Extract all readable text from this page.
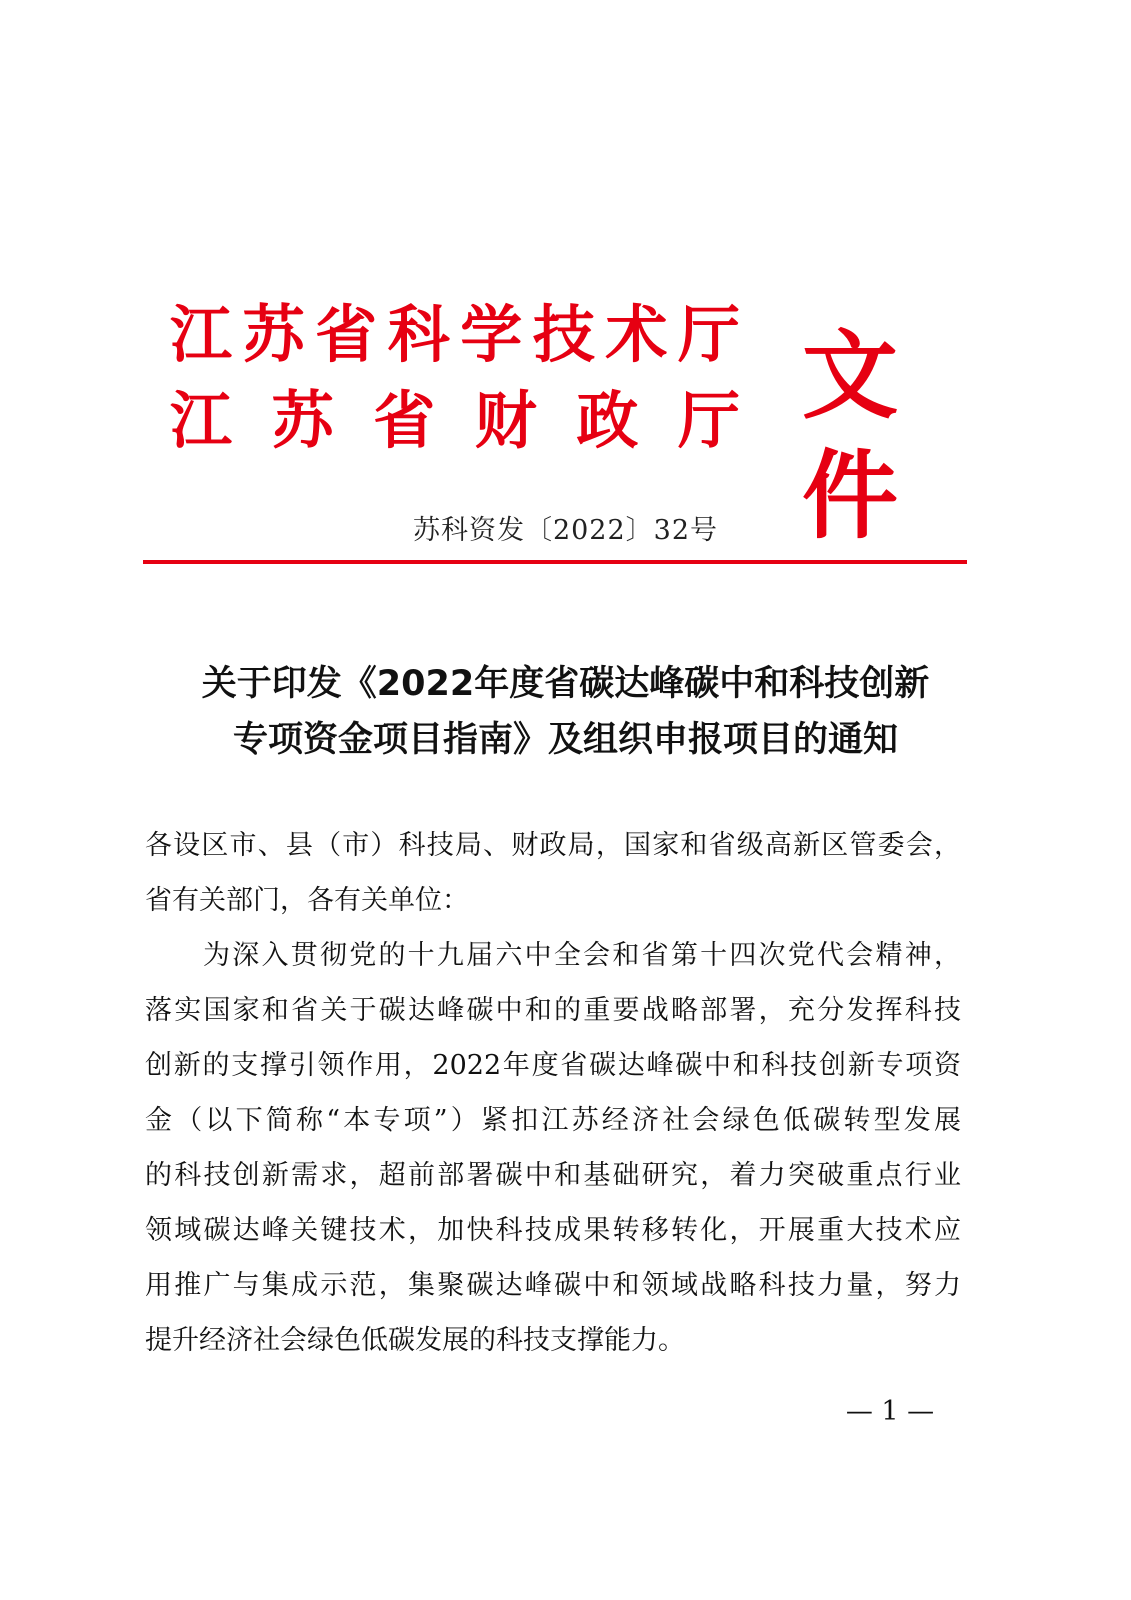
江 苏 省 科 学 技 术 厅
江 苏 省 财 政 厅 文件
苏科资发〔2022〕32号
关于印发《2022年度省碳达峰碳中和科技创新
专项资金项目指南》及组织申报项目的通知
各设区市、县（市）科技局、财政局，国家和省级高新区管委会，
省有关部门，各有关单位：
为深入贯彻党的十九届六中全会和省第十四次党代会精神，
落实国家和省关于碳达峰碳中和的重要战略部署，充分发挥科技
创新的支撑引领作用，2022年度省碳达峰碳中和科技创新专项资
金（以下简称“本专项”）紧扣江苏经济社会绿色低碳转型发展
的科技创新需求，超前部署碳中和基础研究，着力突破重点行业
领域碳达峰关键技术，加快科技成果转移转化，开展重大技术应
用推广与集成示范，集聚碳达峰碳中和领域战略科技力量，努力
提升经济社会绿色低碳发展的科技支撑能力。
— 1 —
